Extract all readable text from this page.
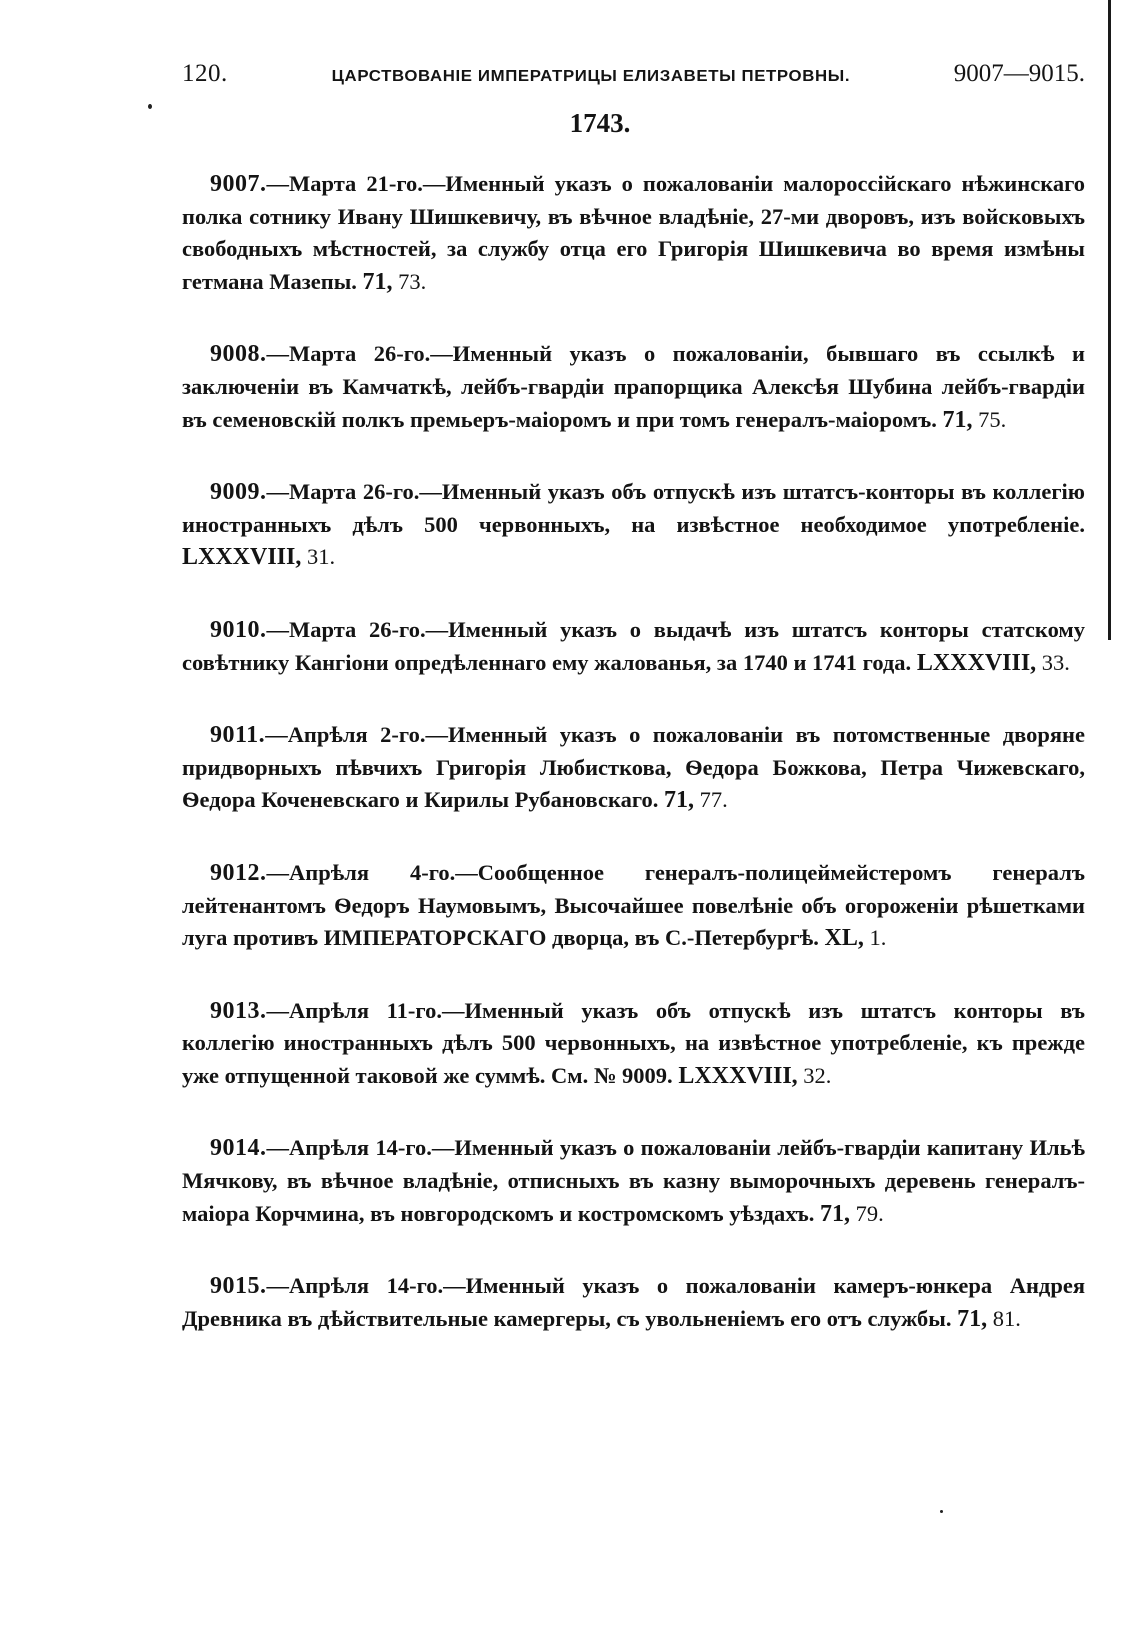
120.	ЦАРСТВОВАНІЕ ИМПЕРАТРИЦЫ ЕЛИЗАВЕТЫ ПЕТРОВНЫ.	9007—9015.
1743.

9007.—Марта 21-го.—Именный указъ о пожалованіи малороссійскаго нѣжинскаго полка сотнику Ивану Шишкевичу, въ вѣчное владѣніе, 27-ми дворовъ, изъ войсковыхъ свободныхъ мѣстностей, за службу отца его Григорія Шишкевича во время измѣны гетмана Мазепы. 71, 73.

9008.—Марта 26-го.—Именный указъ о пожалованіи, бывшаго въ ссылкѣ и заключеніи въ Камчаткѣ, лейбъ-гвардіи прапорщика Алексѣя Шубина лейбъ-гвардіи въ семеновскій полкъ премьеръ-маіоромъ и при томъ генералъ-маіоромъ. 71, 75.

9009.—Марта 26-го.—Именный указъ объ отпускѣ изъ штатсъ-конторы въ коллегію иностранныхъ дѣлъ 500 червонныхъ, на извѣстное необходимое употребленіе. LXXXVIII, 31.

9010.—Марта 26-го.—Именный указъ о выдачѣ изъ штатсъ конторы статскому совѣтнику Кангіони опредѣленнаго ему жалованья, за 1740 и 1741 года. LXXXVIII, 33.

9011.—Апрѣля 2-го.—Именный указъ о пожалованіи въ потомственные дворяне придворныхъ пѣвчихъ Григорія Любисткова, Ѳедора Божкова, Петра Чижевскаго, Ѳедора Коченевскаго и Кирилы Рубановскаго. 71, 77.

9012.—Апрѣля 4-го.—Сообщенное генералъ-полицеймейстеромъ генералъ лейтенантомъ Ѳедоръ Наумовымъ, Высочайшее повелѣніе объ огороженіи рѣшетками луга противъ ИМПЕРАТОРСКАГО дворца, въ С.-Петербургѣ. XL, 1.

9013.—Апрѣля 11-го.—Именный указъ объ отпускѣ изъ штатсъ конторы въ коллегію иностранныхъ дѣлъ 500 червонныхъ, на извѣстное употребленіе, къ прежде уже отпущенной таковой же суммѣ. См. № 9009. LXXXVIII, 32.

9014.—Апрѣля 14-го.—Именный указъ о пожалованіи лейбъ-гвардіи капитану Ильѣ Мячкову, въ вѣчное владѣніе, отписныхъ въ казну выморочныхъ деревень генералъ-маіора Корчмина, въ новгородскомъ и костромскомъ уѣздахъ. 71, 79.

9015.—Апрѣля 14-го.—Именный указъ о пожалованіи камеръ-юнкера Андрея Древника въ дѣйствительные камергеры, съ увольненіемъ его отъ службы. 71, 81.
